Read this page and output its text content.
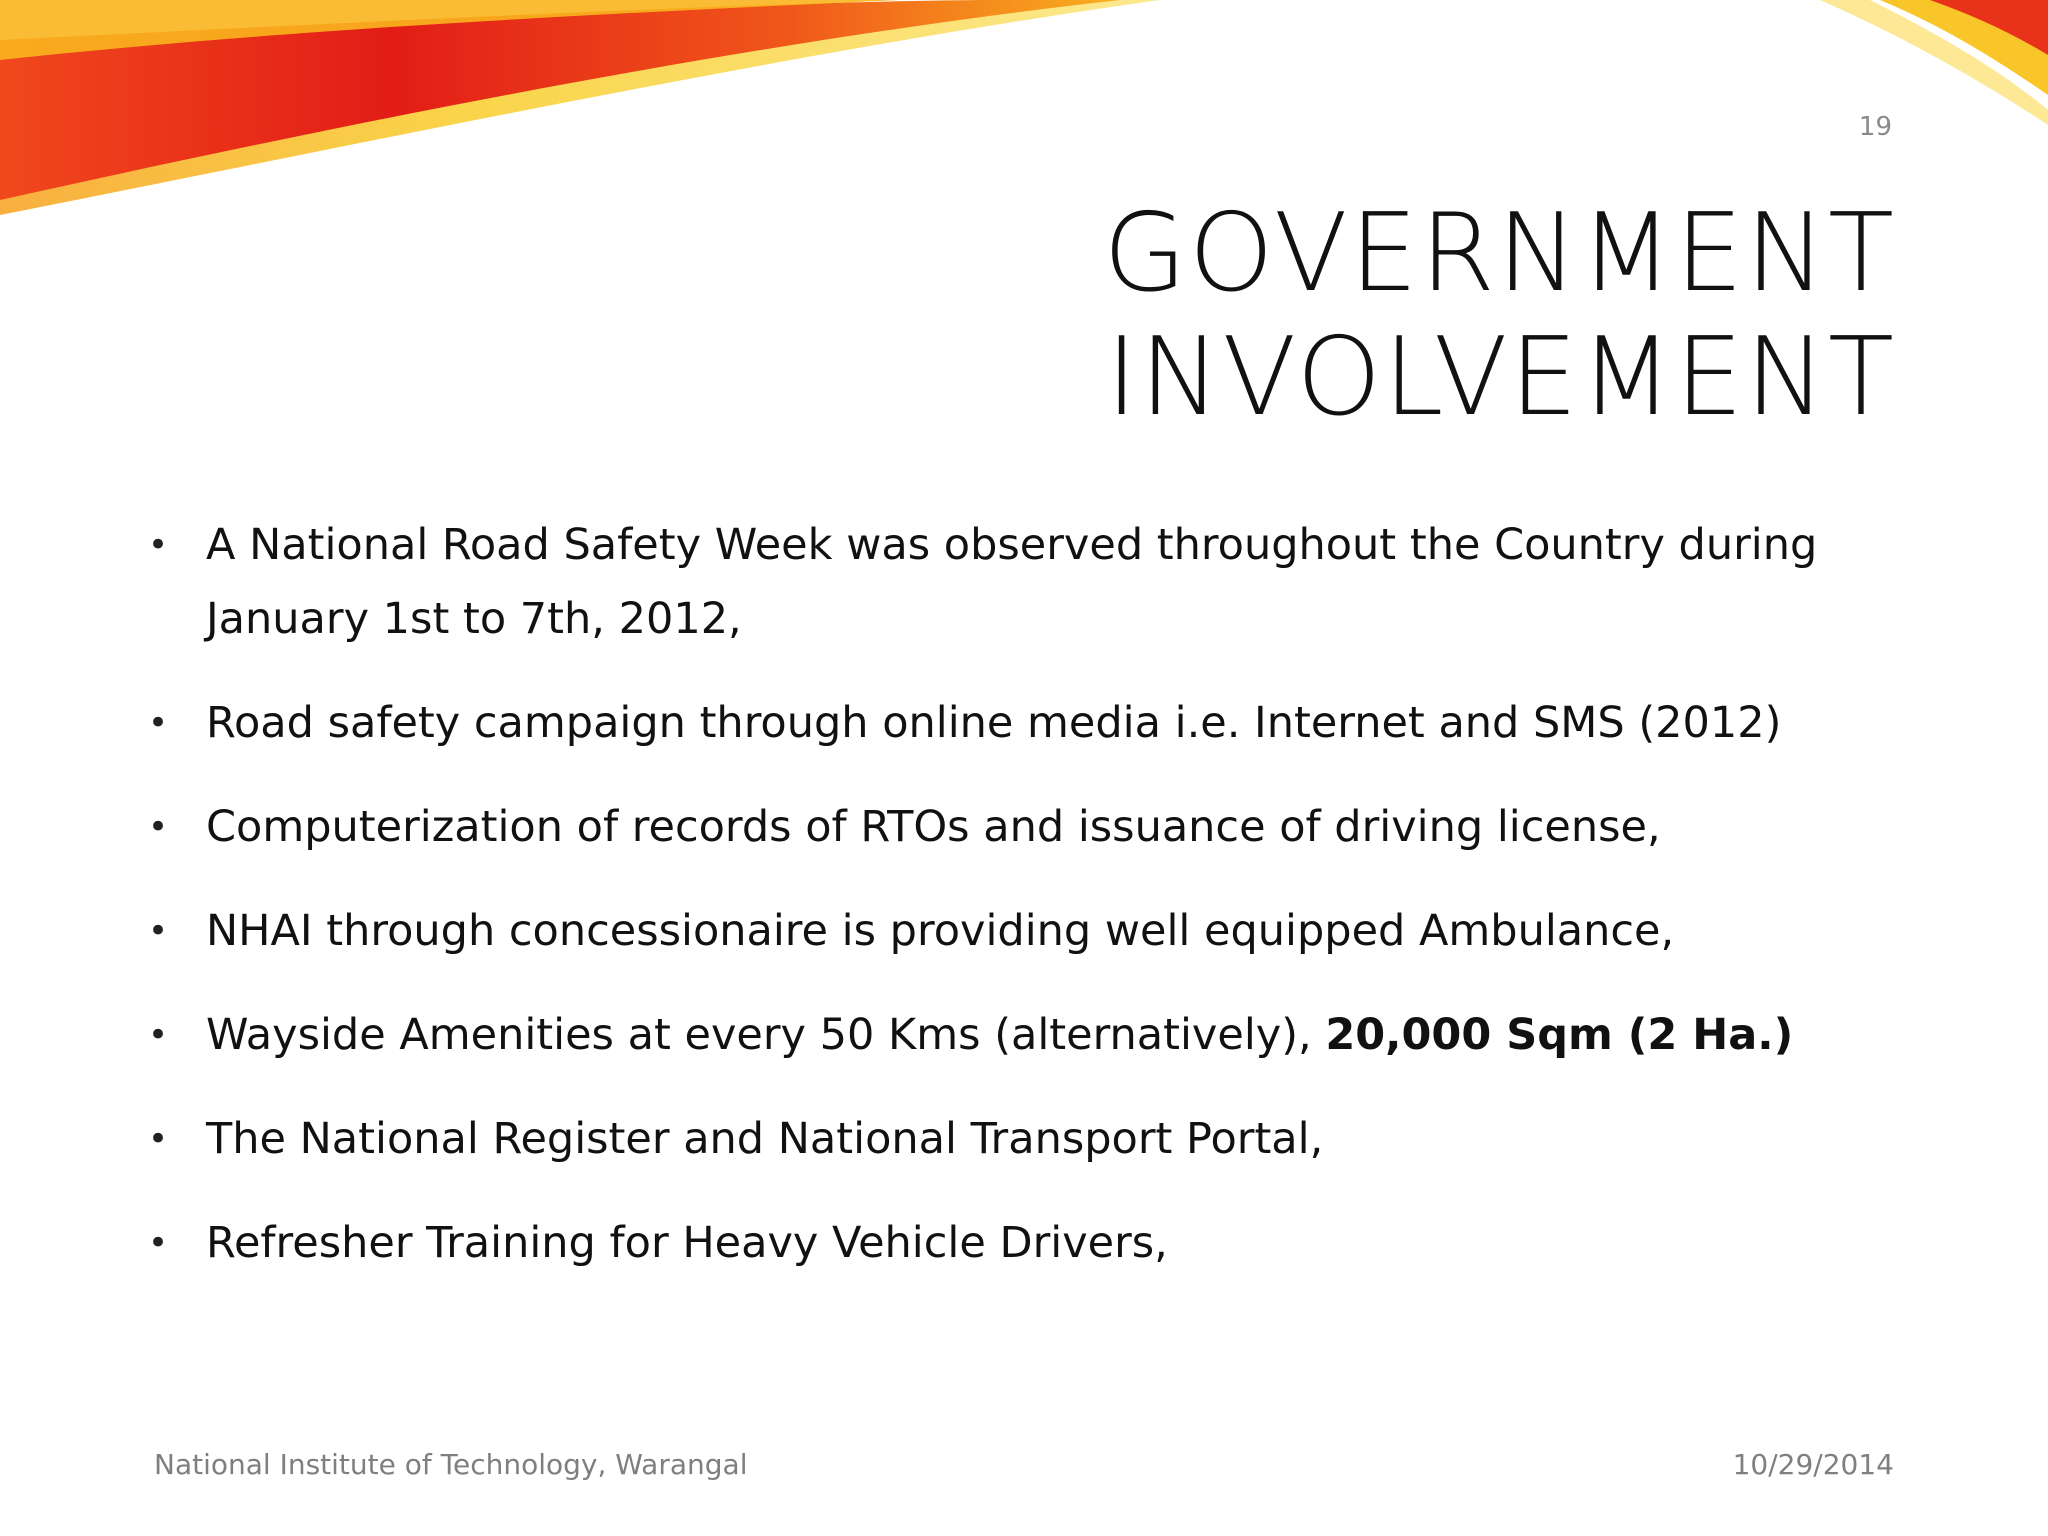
19
GOVERNMENT
INVOLVEMENT
• A National Road Safety Week was observed throughout the Country during January 1st to 7th, 2012,
• Road safety campaign through online media i.e. Internet and SMS (2012)
• Computerization of records of RTOs and issuance of driving license,
• NHAI through concessionaire is providing well equipped Ambulance,
• Wayside Amenities at every 50 Kms (alternatively), 20,000 Sqm (2 Ha.)
• The National Register and National Transport Portal,
• Refresher Training for Heavy Vehicle Drivers,
National Institute of Technology, Warangal	10/29/2014
